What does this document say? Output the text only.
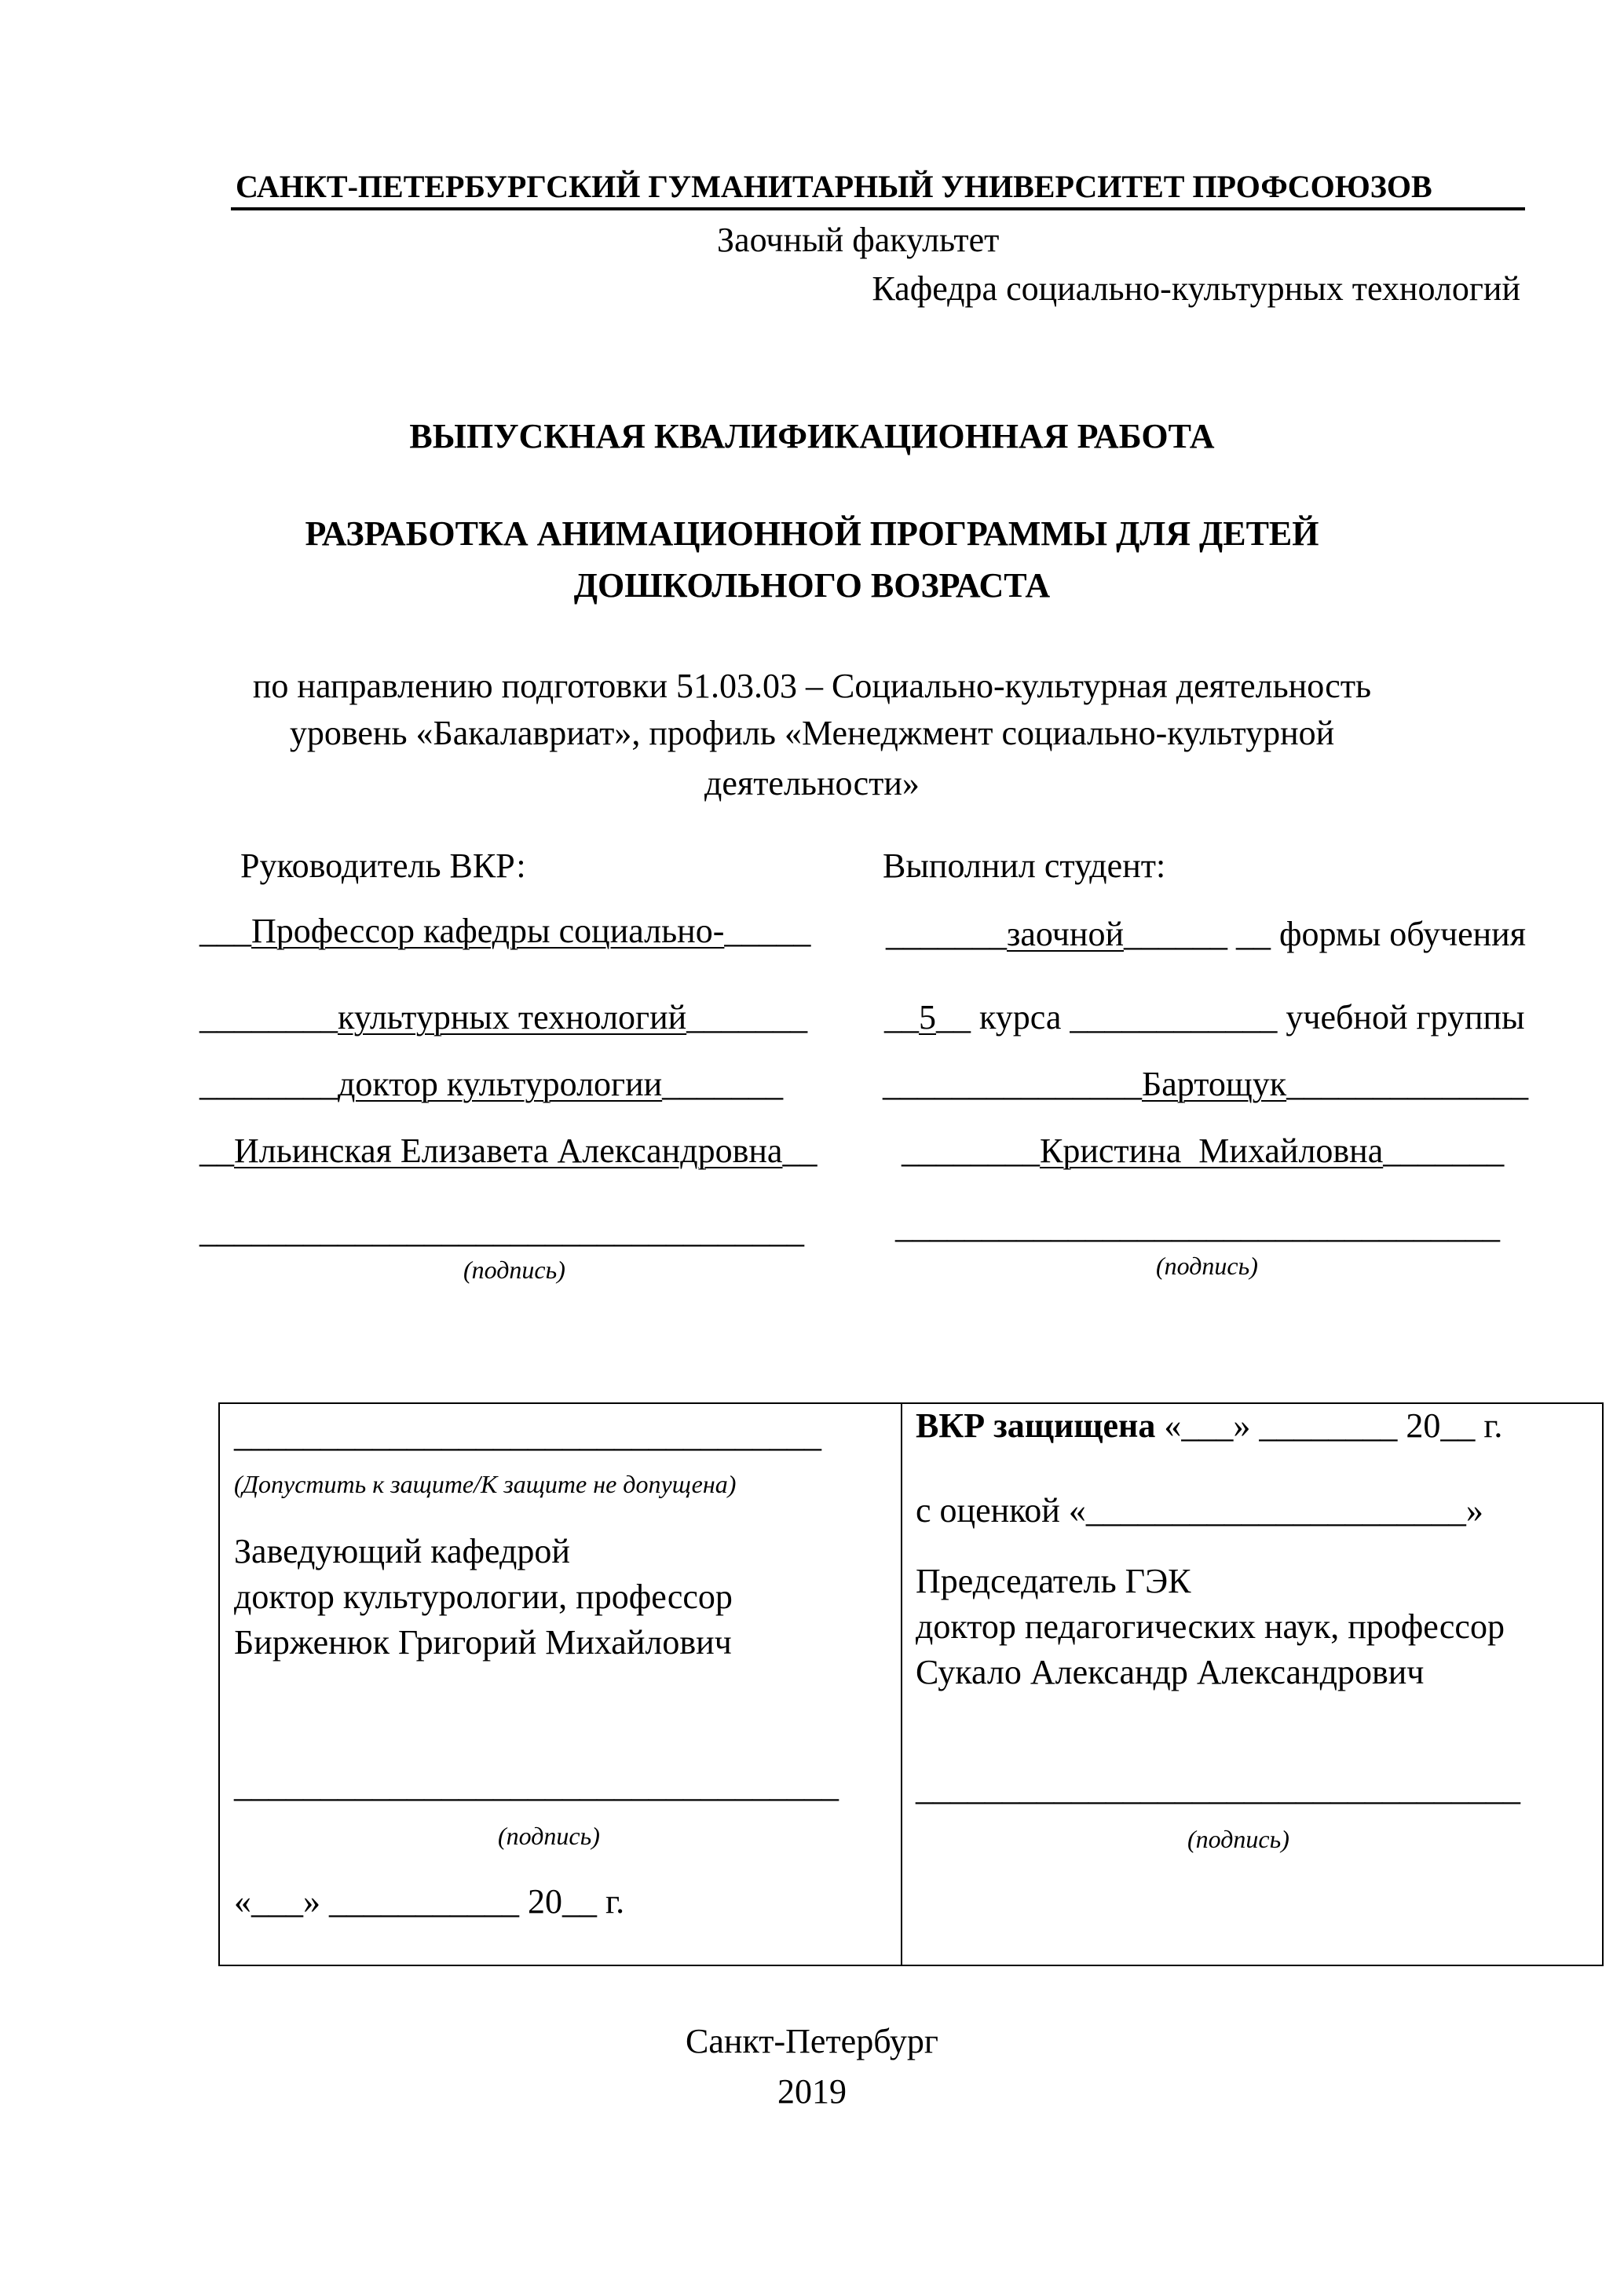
САНКТ-ПЕТЕРБУРГСКИЙ ГУМАНИТАРНЫЙ УНИВЕРСИТЕТ ПРОФСОЮЗОВ
Заочный факультет
Кафедра социально-культурных технологий
ВЫПУСКНАЯ КВАЛИФИКАЦИОННАЯ РАБОТА
РАЗРАБОТКА АНИМАЦИОННОЙ ПРОГРАММЫ ДЛЯ ДЕТЕЙ
ДОШКОЛЬНОГО ВОЗРАСТА
по направлению подготовки 51.03.03 – Социально-культурная деятельность
уровень «Бакалавриат», профиль «Менеджмент социально-культурной
деятельности»
Руководитель ВКР:
___Профессор кафедры социально-_____
________культурных технологий_______
________доктор культурологии_______
__Ильинская Елизавета Александровна__
___________________________________
(подпись)
Выполнил студент:
_______заочной______ __ формы обучения
__5__ курса ____________ учебной группы
_______________Бартощук______________
________Кристина  Михайловна_______
___________________________________
(подпись)
__________________________________
(Допустить к защите/К защите не допущена)
Заведующий кафедрой
доктор культурологии, профессор
Бирженюк Григорий Михайлович
___________________________________
(подпись)
«___» ___________ 20__ г.
ВКР защищена «___» ________ 20__ г.
с оценкой «______________________»
Председатель ГЭК
доктор педагогических наук, профессор
Сукало Александр Александрович
___________________________________
(подпись)
Санкт-Петербург
2019
